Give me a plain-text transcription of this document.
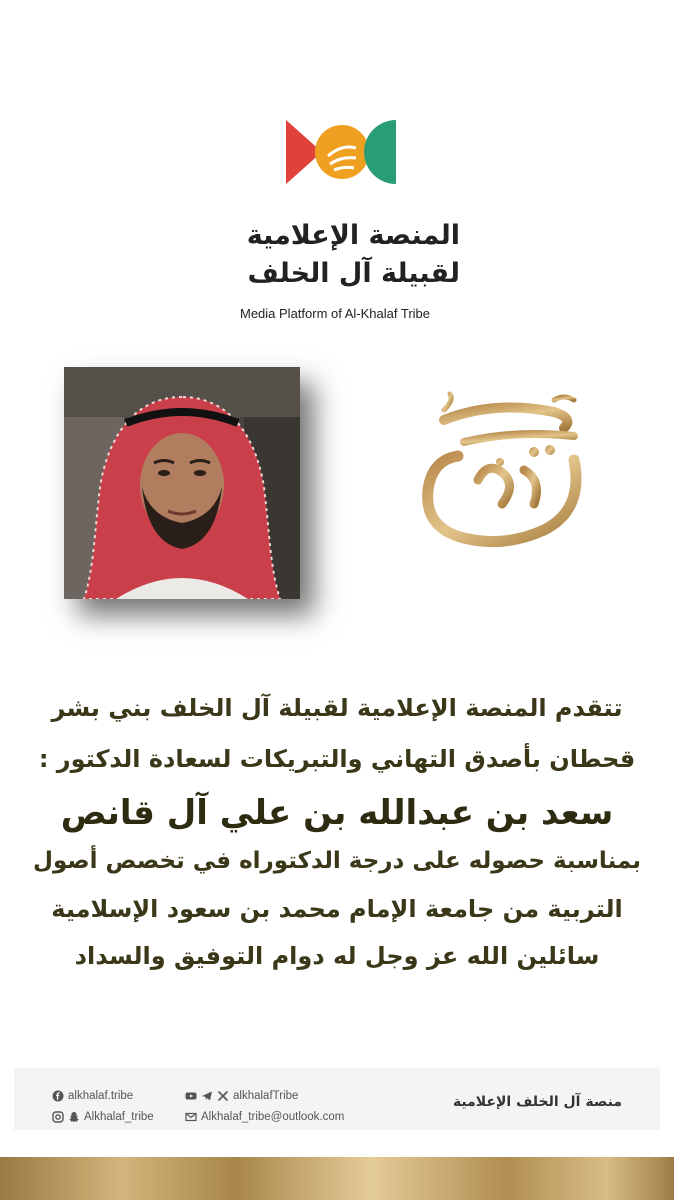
المنصة الإعلامية
لقبيلة آل الخلف
Media Platform of Al-Khalaf Tribe
تتقدم المنصة الإعلامية لقبيلة آل الخلف بني بشر
قحطان بأصدق التهاني والتبريكات لسعادة الدكتور :
سعد بن عبدالله بن علي آل قانص
بمناسبة حصوله على درجة الدكتوراه في تخصص أصول
التربية من جامعة الإمام محمد بن سعود الإسلامية
سائلين الله عز وجل له دوام التوفيق والسداد
alkhalaf.tribe	alkhalafTribe
Alkhalaf_tribe	Alkhalaf_tribe@outlook.com
منصة آل الخلف الإعلامية
